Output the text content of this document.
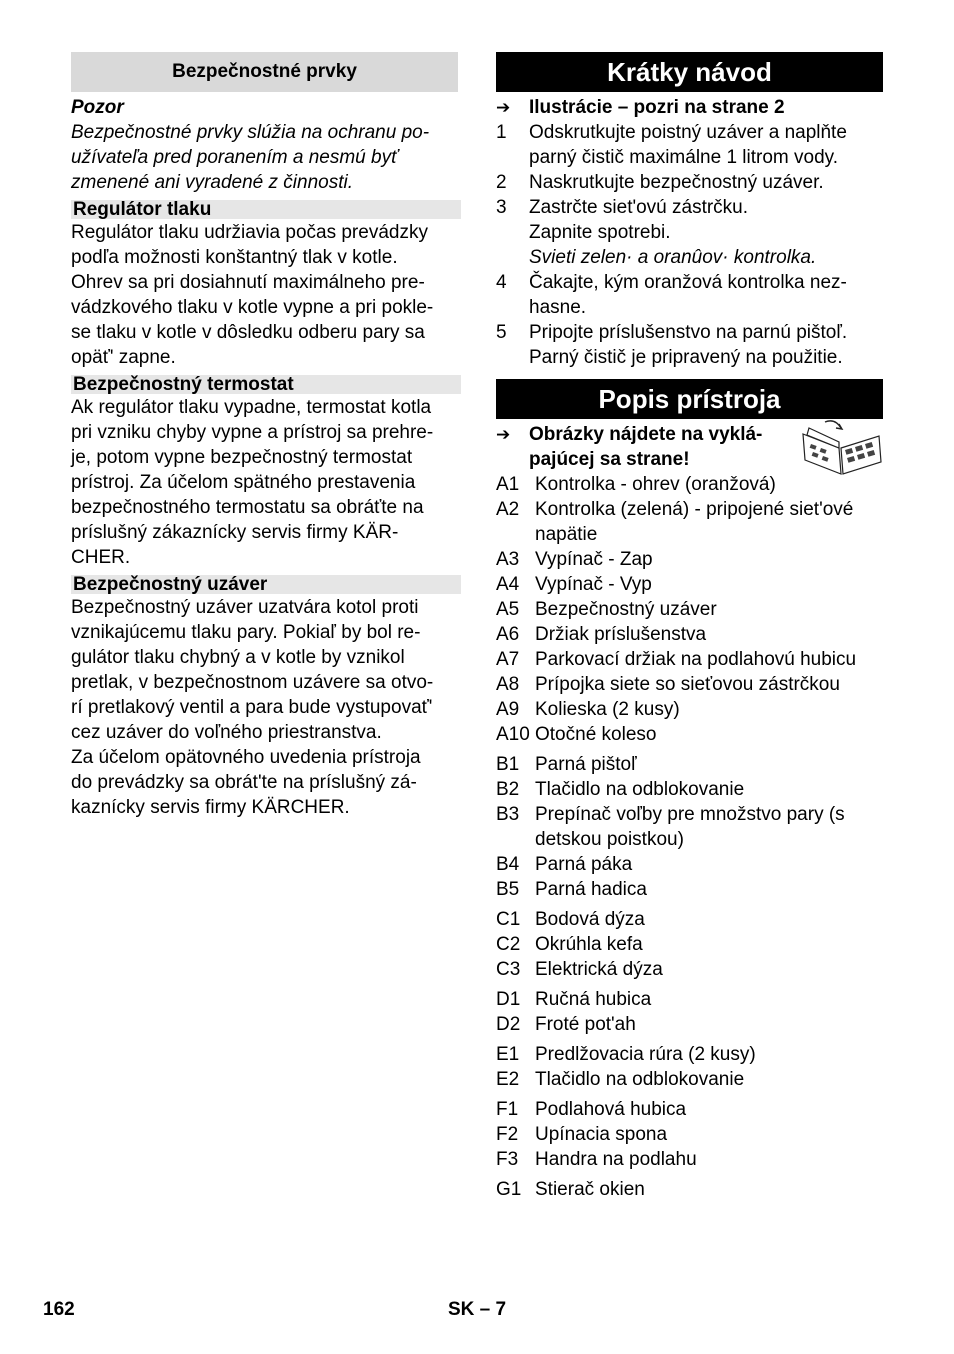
Bezpečnostné prvky

Pozor

Bezpečnostné prvky slúžia na ochranu po-

užívateľa pred poranením a nesmú byť

zmenené ani vyradené z činnosti.

Regulátor tlaku

Regulátor tlaku udržiavia počas prevádzky

podľa možnosti konštantný tlak v kotle.

Ohrev sa pri dosiahnutí maximálneho pre-

vádzkového tlaku v kotle vypne a pri pokle-

se tlaku v kotle v dôsledku odberu pary sa

opäť' zapne.

Bezpečnostný termostat

Ak regulátor tlaku vypadne, termostat kotla

pri vzniku chyby vypne a prístroj sa prehre-

je, potom vypne bezpečnostný termostat

prístroj. Za účelom spätného prestavenia

bezpečnostného termostatu sa obráťte na

príslušný zákaznícky servis firmy KÄR-

CHER.

Bezpečnostný uzáver

Bezpečnostný uzáver uzatvára kotol proti

vznikajúcemu tlaku pary. Pokiaľ by bol re-

gulátor tlaku chybný a v kotle by vznikol

pretlak, v bezpečnostnom uzávere sa otvo-

rí pretlakový ventil a para bude vystupovať'

cez uzáver do voľného priestranstva.

Za účelom opätovného uvedenia prístroja

do prevádzky sa obrát'te na príslušný zá-

kaznícky servis firmy KÄRCHER.

Krátky návod
➔ Ilustrácie – pozri na strane 2
1	Odskrutkujte poistný uzáver a naplňte
parný čistič maximálne 1 litrom vody.
2	Naskrutkujte bezpečnostný uzáver.
3	Zastrčte siet'ovú zástrčku.
Zapnite spotrebi.
Svieti zelen· a oranûov· kontrolka.
4	Čakajte, kým oranžová kontrolka nez-
hasne.
5	Pripojte príslušenstvo na parnú pištoľ.
Parný čistič je pripravený na použitie.
Popis prístroja
➔ Obrázky nájdete na vyklá-
pajúcej sa strane!
A1 Kontrolka - ohrev (oranžová)
A2 Kontrolka (zelená) - pripojené siet'ové
napätie
A3 Vypínač - Zap
A4 Vypínač - Vyp
A5 Bezpečnostný uzáver
A6 Držiak príslušenstva
A7 Parkovací držiak na podlahovú hubicu
A8 Prípojka siete so sieťovou zástrčkou
A9 Kolieska (2 kusy)
A10 Otočné koleso
B1 Parná pištoľ
B2 Tlačidlo na odblokovanie
B3 Prepínač voľby pre množstvo pary (s
detskou poistkou)
B4 Parná páka
B5 Parná hadica
C1 Bodová dýza
C2 Okrúhla kefa
C3 Elektrická dýza
D1 Ručná hubica
D2 Froté pot'ah
E1 Predlžovacia rúra (2 kusy)
E2 Tlačidlo na odblokovanie
F1 Podlahová hubica
F2 Upínacia spona
F3 Handra na podlahu
G1 Stierač okien
162	SK – 7
